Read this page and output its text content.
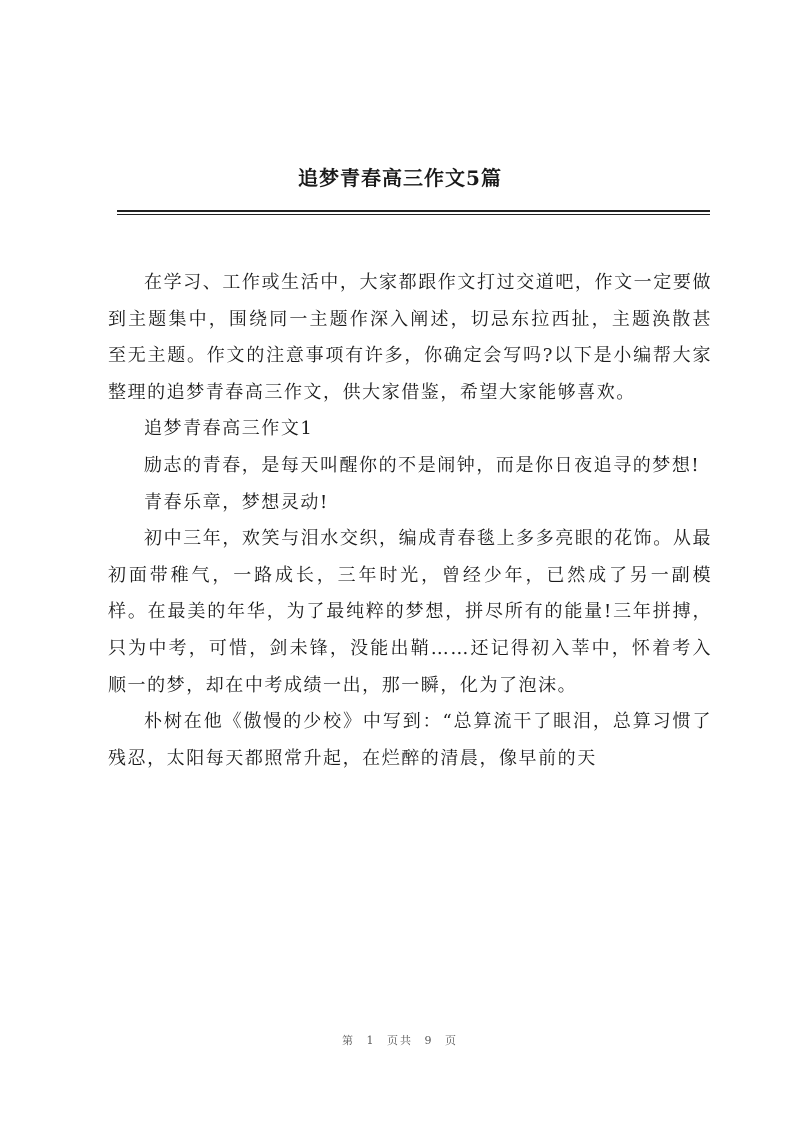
追梦青春高三作文5篇

在学习、工作或生活中，大家都跟作文打过交道吧，作文一定要做到主题集中，围绕同一主题作深入阐述，切忌东拉西扯，主题涣散甚至无主题。作文的注意事项有许多，你确定会写吗?以下是小编帮大家整理的追梦青春高三作文，供大家借鉴，希望大家能够喜欢。

追梦青春高三作文1

励志的青春，是每天叫醒你的不是闹钟，而是你日夜追寻的梦想!

青春乐章，梦想灵动!

初中三年，欢笑与泪水交织，编成青春毯上多多亮眼的花饰。从最初面带稚气，一路成长，三年时光，曾经少年，已然成了另一副模样。在最美的年华，为了最纯粹的梦想，拼尽所有的能量!三年拼搏，只为中考，可惜，剑未锋，没能出鞘……还记得初入莘中，怀着考入顺一的梦，却在中考成绩一出，那一瞬，化为了泡沫。

朴树在他《傲慢的少校》中写到：“总算流干了眼泪，总算习惯了残忍，太阳每天都照常升起，在烂醉的清晨，像早前的天

第 1 页共 9 页
